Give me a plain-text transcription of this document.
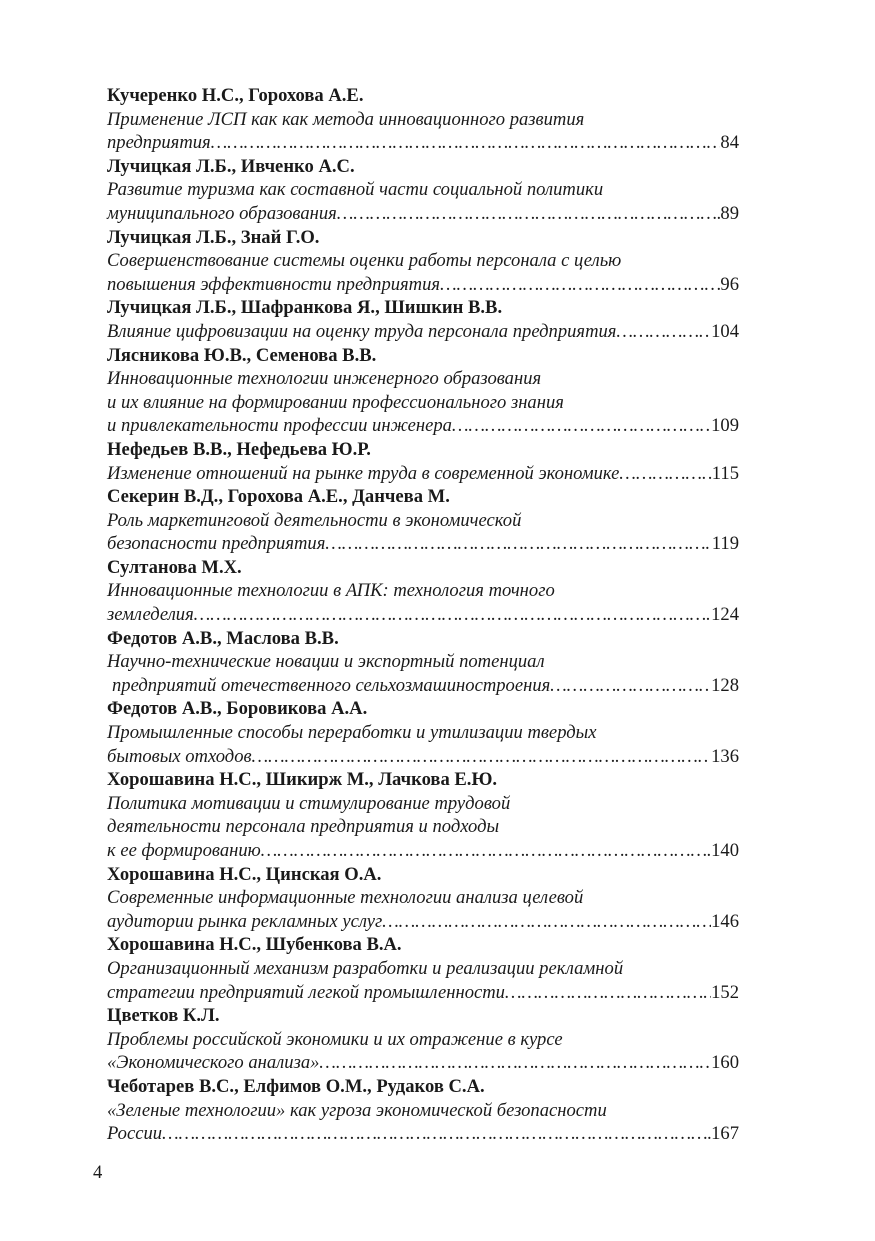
Кучеренко Н.С., Горохова А.Е.
Применение ЛСП как как метода инновационного развития
предприятия ……………………………………………………………………………………………………………………………………………………	84
Лучицкая Л.Б., Ивченко А.С.
Развитие туризма как составной части социальной политики
муниципального образования ……………………………………………………………………………………………………………………………………………………	89
Лучицкая Л.Б., Знай Г.О.
Совершенствование системы оценки работы персонала с целью
повышения эффективности предприятия ……………………………………………………………………………………………………………………………………………………	96
Лучицкая Л.Б., Шафранкова Я., Шишкин В.В.
Влияние цифровизации на оценку труда персонала предприятия ……………………………………………………………………………………………………………………………………………………	104
Лясникова Ю.В., Семенова В.В.
Инновационные технологии инженерного образования
и их влияние на формировании профессионального знания
и привлекательности профессии инженера ……………………………………………………………………………………………………………………………………………………	109
Нефедьев В.В., Нефедьева Ю.Р.
Изменение отношений на рынке труда в современной экономике ……………………………………………………………………………………………………………………………………………………	115
Секерин В.Д., Горохова А.Е., Данчева М.
Роль маркетинговой деятельности в экономической
безопасности предприятия ……………………………………………………………………………………………………………………………………………………	119
Султанова М.Х.
Инновационные технологии в АПК: технология точного
земледелия ……………………………………………………………………………………………………………………………………………………	124
Федотов А.В., Маслова В.В.
Научно-технические новации и экспортный потенциал
предприятий отечественного сельхозмашиностроения ……………………………………………………………………………………………………………………………………………………	128
Федотов А.В., Боровикова А.А.
Промышленные способы переработки и утилизации твердых
бытовых отходов ……………………………………………………………………………………………………………………………………………………	136
Хорошавина Н.С., Шикирж М., Лачкова Е.Ю.
Политика мотивации и стимулирование трудовой
деятельности персонала предприятия и подходы
к ее формированию ……………………………………………………………………………………………………………………………………………………	140
Хорошавина Н.С., Цинская О.А.
Современные информационные технологии анализа целевой
аудитории рынка рекламных услуг ……………………………………………………………………………………………………………………………………………………	146
Хорошавина Н.С., Шубенкова В.А.
Организационный механизм разработки и реализации рекламной
стратегии предприятий легкой промышленности ……………………………………………………………………………………………………………………………………………………	152
Цветков К.Л.
Проблемы российской экономики и их отражение в курсе
«Экономического анализа» ……………………………………………………………………………………………………………………………………………………	160
Чеботарев В.С., Елфимов О.М., Рудаков С.А.
«Зеленые технологии» как угроза экономической безопасности
России ……………………………………………………………………………………………………………………………………………………	167
4
